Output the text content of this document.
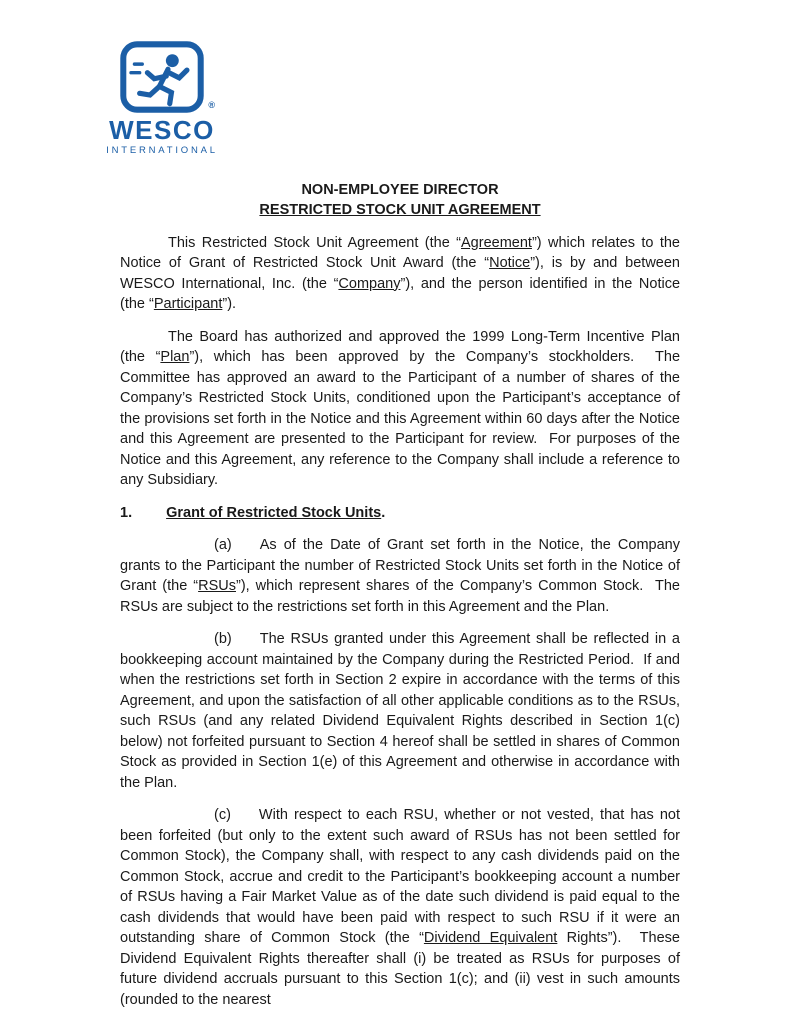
®
WESCO
INTERNATIONAL
NON-EMPLOYEE DIRECTOR
RESTRICTED STOCK UNIT AGREEMENT

This Restricted Stock Unit Agreement (the “Agreement”) which relates to the Notice of Grant of Restricted Stock Unit Award (the “Notice”), is by and between WESCO International, Inc. (the “Company”), and the person identified in the Notice (the “Participant”).

The Board has authorized and approved the 1999 Long-Term Incentive Plan (the “Plan”), which has been approved by the Company’s stockholders.  The Committee has approved an award to the Participant of a number of shares of the Company’s Restricted Stock Units, conditioned upon the Participant’s acceptance of the provisions set forth in the Notice and this Agreement within 60 days after the Notice and this Agreement are presented to the Participant for review.  For purposes of the Notice and this Agreement, any reference to the Company shall include a reference to any Subsidiary.

1. Grant of Restricted Stock Units.

(a) As of the Date of Grant set forth in the Notice, the Company grants to the Participant the number of Restricted Stock Units set forth in the Notice of Grant (the “RSUs”), which represent shares of the Company’s Common Stock.  The RSUs are subject to the restrictions set forth in this Agreement and the Plan.

(b) The RSUs granted under this Agreement shall be reflected in a bookkeeping account maintained by the Company during the Restricted Period.  If and when the restrictions set forth in Section 2 expire in accordance with the terms of this Agreement, and upon the satisfaction of all other applicable conditions as to the RSUs, such RSUs (and any related Dividend Equivalent Rights described in Section 1(c) below) not forfeited pursuant to Section 4 hereof shall be settled in shares of Common Stock as provided in Section 1(e) of this Agreement and otherwise in accordance with the Plan.

(c) With respect to each RSU, whether or not vested, that has not been forfeited (but only to the extent such award of RSUs has not been settled for Common Stock), the Company shall, with respect to any cash dividends paid on the Common Stock, accrue and credit to the Participant’s bookkeeping account a number of RSUs having a Fair Market Value as of the date such dividend is paid equal to the cash dividends that would have been paid with respect to such RSU if it were an outstanding share of Common Stock (the “Dividend Equivalent Rights”).  These Dividend Equivalent Rights thereafter shall (i) be treated as RSUs for purposes of future dividend accruals pursuant to this Section 1(c); and (ii) vest in such amounts (rounded to the nearest
